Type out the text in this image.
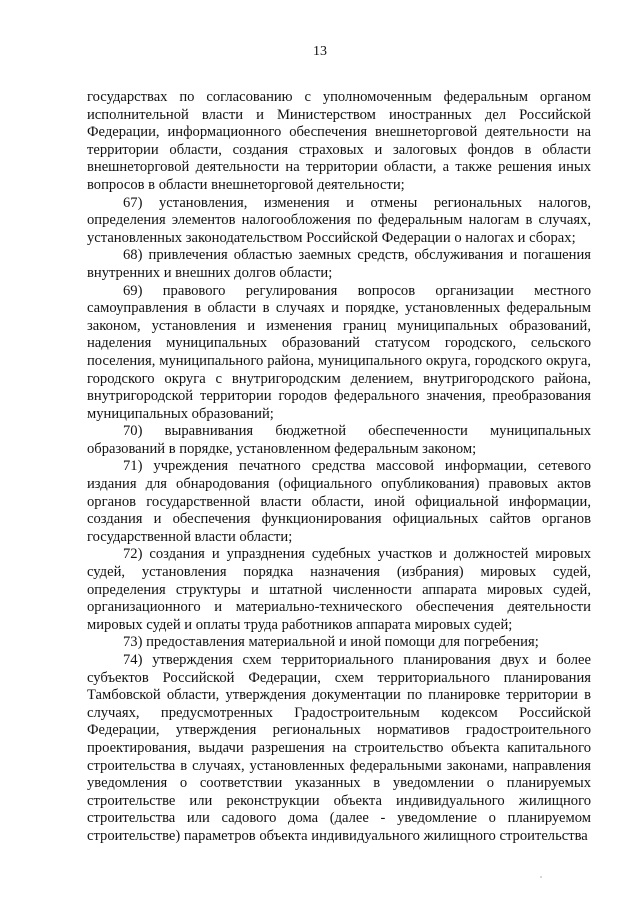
13

государствах по согласованию с уполномоченным федеральным органом исполнительной власти и Министерством иностранных дел Российской Федерации, информационного обеспечения внешнеторговой деятельности на территории области, создания страховых и залоговых фондов в области внешнеторговой деятельности на территории области, а также решения иных вопросов в области внешнеторговой деятельности;

67) установления, изменения и отмены региональных налогов, определения элементов налогообложения по федеральным налогам в случаях, установленных законодательством Российской Федерации о налогах и сборах;

68) привлечения областью заемных средств, обслуживания и погашения внутренних и внешних долгов области;

69) правового регулирования вопросов организации местного самоуправления в области в случаях и порядке, установленных федеральным законом, установления и изменения границ муниципальных образований, наделения муниципальных образований статусом городского, сельского поселения, муниципального района, муниципального округа, городского округа, городского округа с внутригородским делением, внутригородского района, внутригородской территории городов федерального значения, преобразования муниципальных образований;

70) выравнивания бюджетной обеспеченности муниципальных образований в порядке, установленном федеральным законом;

71) учреждения печатного средства массовой информации, сетевого издания для обнародования (официального опубликования) правовых актов органов государственной власти области, иной официальной информации, создания и обеспечения функционирования официальных сайтов органов государственной власти области;

72) создания и упразднения судебных участков и должностей мировых судей, установления порядка назначения (избрания) мировых судей, определения структуры и штатной численности аппарата мировых судей, организационного и материально-технического обеспечения деятельности мировых судей и оплаты труда работников аппарата мировых судей;

73) предоставления материальной и иной помощи для погребения;

74) утверждения схем территориального планирования двух и более субъектов Российской Федерации, схем территориального планирования Тамбовской области, утверждения документации по планировке территории в случаях, предусмотренных Градостроительным кодексом Российской Федерации, утверждения региональных нормативов градостроительного проектирования, выдачи разрешения на строительство объекта капитального строительства в случаях, установленных федеральными законами, направления уведомления о соответствии указанных в уведомлении о планируемых строительстве или реконструкции объекта индивидуального жилищного строительства или садового дома (далее - уведомление о планируемом строительстве) параметров объекта индивидуального жилищного строительства
